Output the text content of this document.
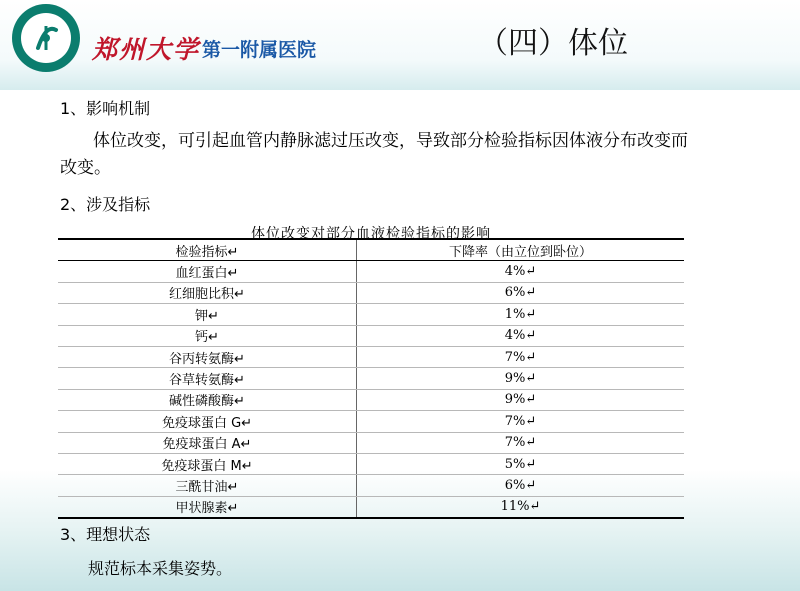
郑州大学 第一附属医院	（四）体位
1、影响机制
体位改变，可引起血管内静脉滤过压改变，导致部分检验指标因体液分布改变而改变。
2、涉及指标
体位改变对部分血液检验指标的影响
检验指标↵	下降率（由立位到卧位）
血红蛋白↵	4%↵
红细胞比积↵	6%↵
钾↵	1%↵
钙↵	4%↵
谷丙转氨酶↵	7%↵
谷草转氨酶↵	9%↵
碱性磷酸酶↵	9%↵
免疫球蛋白 G↵	7%↵
免疫球蛋白 A↵	7%↵
免疫球蛋白 M↵	5%↵
三酰甘油↵	6%↵
甲状腺素↵	11%↵
3、理想状态
规范标本采集姿势。
